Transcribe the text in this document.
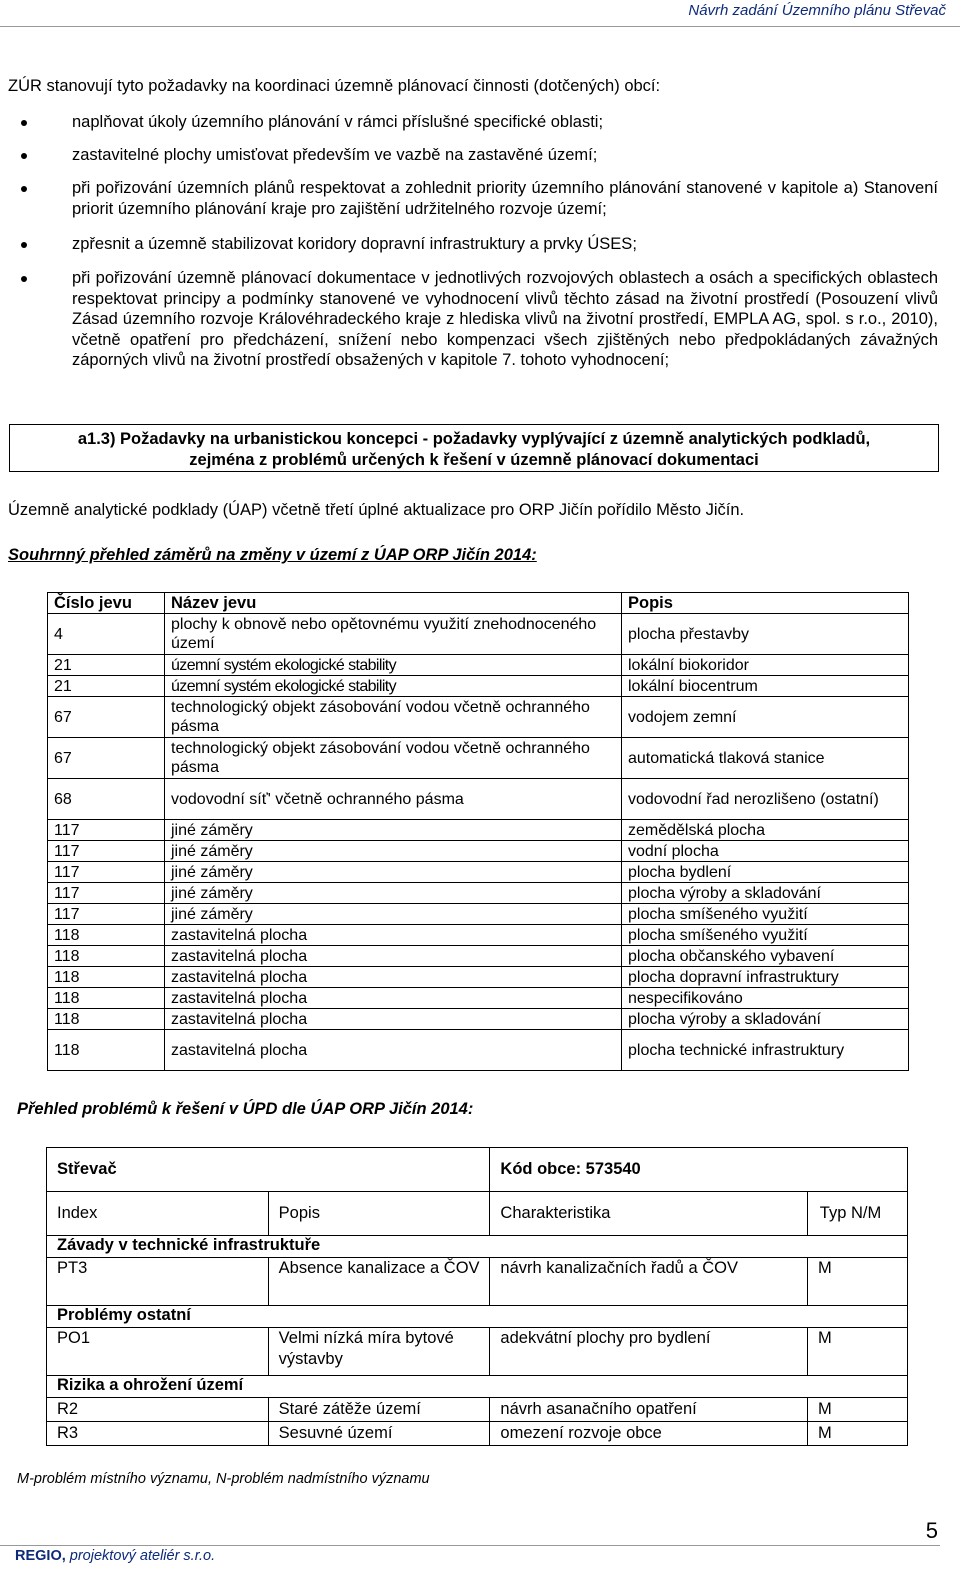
Návrh zadání Územního plánu Střevač
ZÚR stanovují tyto požadavky na koordinaci územně plánovací činnosti (dotčených) obcí:
naplňovat úkoly územního plánování v rámci příslušné specifické oblasti;
zastavitelné plochy umisťovat především ve vazbě na zastavěné území;
při pořizování územních plánů respektovat a zohlednit priority územního plánování stanovené v kapitole a) Stanovení priorit územního plánování kraje pro zajištění udržitelného rozvoje území;
zpřesnit a územně stabilizovat koridory dopravní infrastruktury a prvky ÚSES;
při pořizování územně plánovací dokumentace v jednotlivých rozvojových oblastech a osách a specifických oblastech respektovat principy a podmínky stanovené ve vyhodnocení vlivů těchto zásad na životní prostředí (Posouzení vlivů Zásad územního rozvoje Královéhradeckého kraje z hlediska vlivů na životní prostředí, EMPLA AG, spol. s r.o., 2010), včetně opatření pro předcházení, snížení nebo kompenzaci všech zjištěných nebo předpokládaných závažných záporných vlivů na životní prostředí obsažených v kapitole 7. tohoto vyhodnocení;
a1.3) Požadavky na urbanistickou koncepci - požadavky vyplývající z územně analytických podkladů,
zejména z problémů určených k řešení v územně plánovací dokumentaci
Územně analytické podklady (ÚAP) včetně třetí úplné aktualizace pro ORP Jičín pořídilo Město Jičín.
Souhrnný přehled záměrů na změny v území z ÚAP ORP Jičín 2014:
Číslo jevu	Název jevu	Popis
4	plochy k obnově nebo opětovnému využití znehodnoceného území	plocha přestavby
21	územní systém ekologické stability	lokální biokoridor
21	územní systém ekologické stability	lokální biocentrum
67	technologický objekt zásobování vodou včetně ochranného pásma	vodojem zemní
67	technologický objekt zásobování vodou včetně ochranného pásma	automatická tlaková stanice
68	vodovodní síť' včetně ochranného pásma	vodovodní řad nerozlišeno (ostatní)
117	jiné záměry	zemědělská plocha
117	jiné záměry	vodní plocha
117	jiné záměry	plocha bydlení
117	jiné záměry	plocha výroby a skladování
117	jiné záměry	plocha smíšeného využití
118	zastavitelná plocha	plocha smíšeného využití
118	zastavitelná plocha	plocha občanského vybavení
118	zastavitelná plocha	plocha dopravní infrastruktury
118	zastavitelná plocha	nespecifikováno
118	zastavitelná plocha	plocha výroby a skladování
118	zastavitelná plocha	plocha technické infrastruktury
Přehled problémů k řešení v ÚPD dle ÚAP ORP Jičín 2014:
Střevač		Kód obce: 573540	
Index	Popis	Charakteristika	Typ N/M
Závady v technické infrastruktuře			
PT3	Absence kanalizace a ČOV	návrh kanalizačních řadů a ČOV	M
Problémy ostatní			
PO1	Velmi nízká míra bytové výstavby	adekvátní plochy pro bydlení	M
Rizika a ohrožení území			
R2	Staré zátěže území	návrh asanačního opatření	M
R3	Sesuvné území	omezení rozvoje obce	M
M-problém místního významu, N-problém nadmístního významu
5
REGIO, projektový ateliér s.r.o.
